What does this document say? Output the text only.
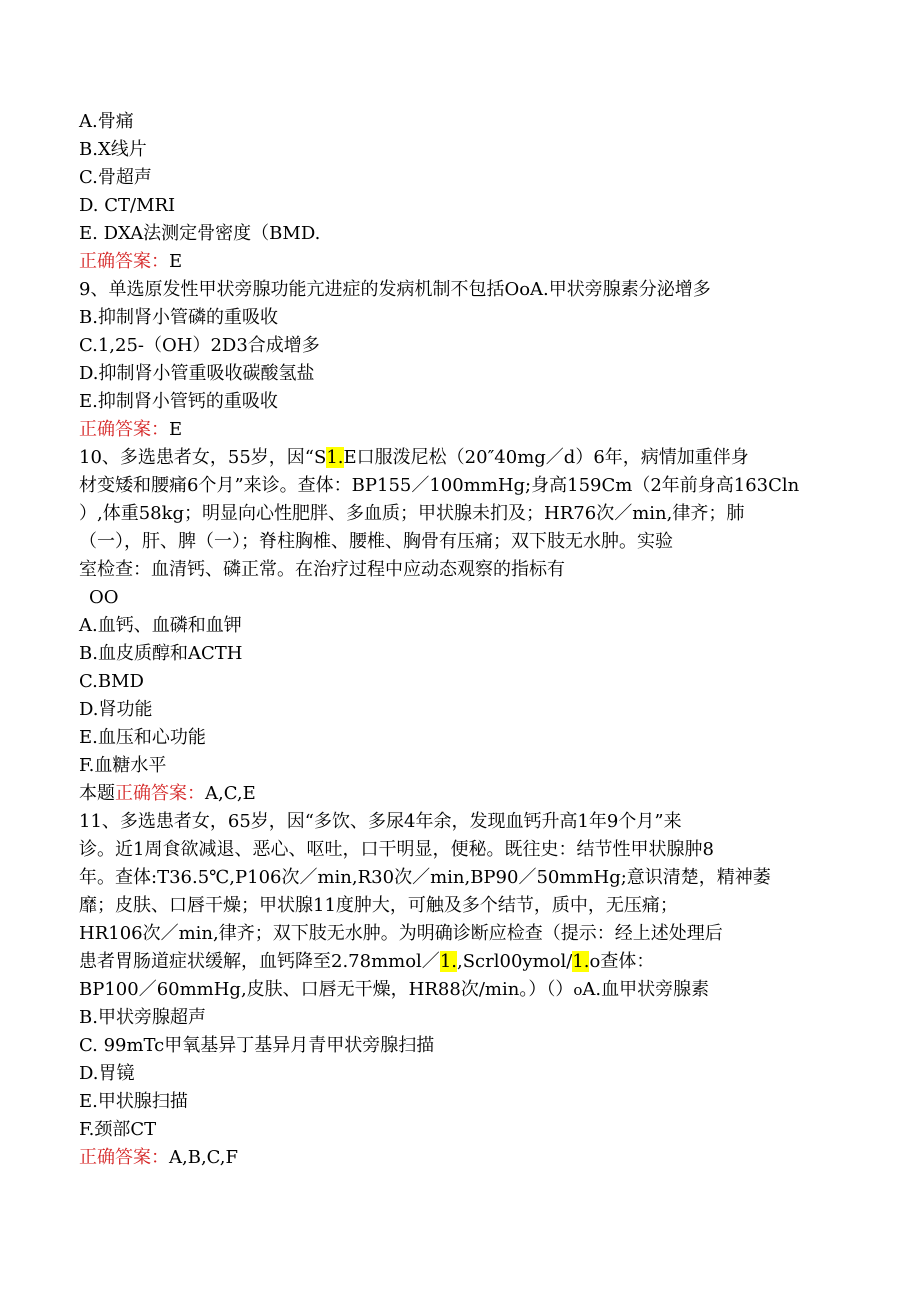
A.骨痛
B.X线片
C.骨超声
D. CT/MRI
E. DXA法测定骨密度（BMD.
正确答案：E
9、单选原发性甲状旁腺功能亢进症的发病机制不包括OoA.甲状旁腺素分泌增多
B.抑制肾小管磷的重吸收
C.1,25-（OH）2D3合成增多
D.抑制肾小管重吸收碳酸氢盐
E.抑制肾小管钙的重吸收
正确答案：E
10、多选患者女，55岁，因“S1.E口服泼尼松（20″40mg／d）6年，病情加重伴身
材变矮和腰痛6个月”来诊。查体：BP155／100mmHg;身高159Cm（2年前身高163Cln
）,体重58kg；明显向心性肥胖、多血质；甲状腺未扪及；HR76次／min,律齐；肺
（一），肝、脾（一）；脊柱胸椎、腰椎、胸骨有压痛；双下肢无水肿。实验
室检查：血清钙、磷正常。在治疗过程中应动态观察的指标有
OO
A.血钙、血磷和血钾
B.血皮质醇和ACTH
C.BMD
D.肾功能
E.血压和心功能
F.血糖水平
本题正确答案：A,C,E
11、多选患者女，65岁，因“多饮、多尿4年余，发现血钙升高1年9个月”来
诊。近1周食欲减退、恶心、呕吐，口干明显，便秘。既往史：结节性甲状腺肿8
年。查体:T36.5℃,P106次／min,R30次／min,BP90／50mmHg;意识清楚，精神萎
靡；皮肤、口唇干燥；甲状腺11度肿大，可触及多个结节，质中，无压痛；
HR106次／min,律齐；双下肢无水肿。为明确诊断应检查（提示：经上述处理后
患者胃肠道症状缓解，血钙降至2.78mmol／1.,Scrl00ymol/1.o查体：
BP100／60mmHg,皮肤、口唇无干燥，HR88次/min。）（）oA.血甲状旁腺素
B.甲状旁腺超声
C. 99mTc甲氧基异丁基异月青甲状旁腺扫描
D.胃镜
E.甲状腺扫描
F.颈部CT
正确答案：A,B,C,F
